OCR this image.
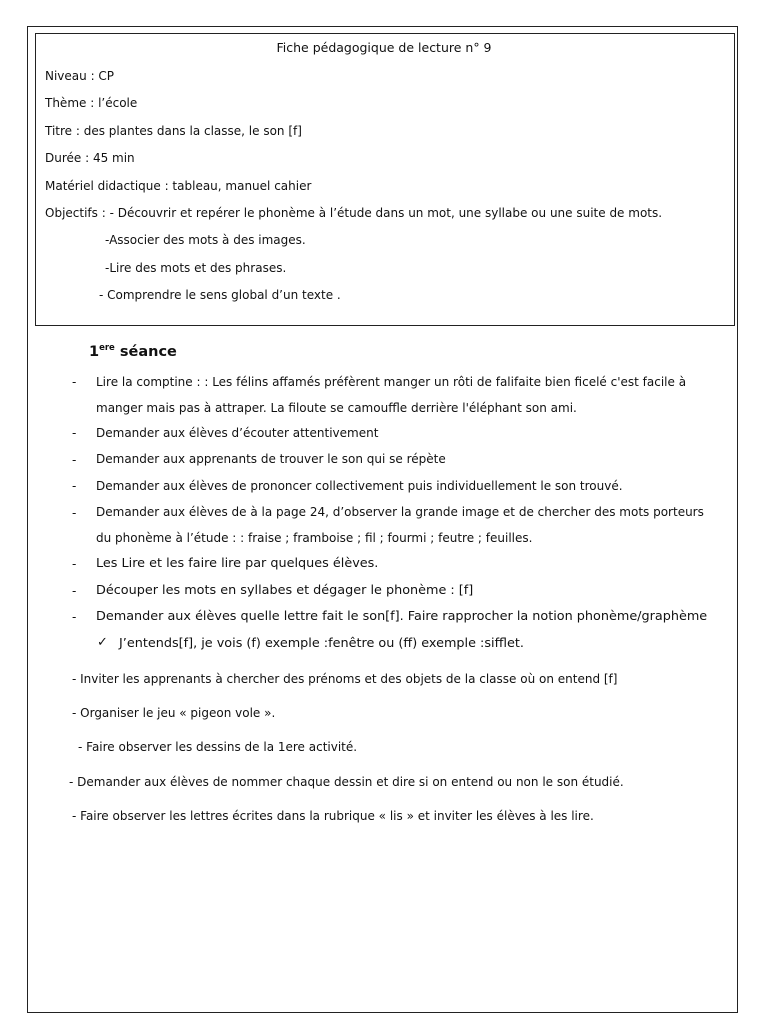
Fiche pédagogique de lecture n° 9
Niveau : CP
Thème : l’école
Titre : des plantes dans la classe, le son [f]
Durée : 45 min
Matériel didactique : tableau, manuel cahier
Objectifs : - Découvrir et repérer le phonème à l’étude dans un mot, une syllabe ou une suite de mots.
-Associer des mots à des images.
-Lire des mots et des phrases.
- Comprendre le sens global d’un texte .
1ere séance
- Lire la comptine : : Les félins affamés préfèrent manger un rôti de falifaite bien ficelé c'est facile à manger mais pas à attraper. La filoute se camouffle derrière l'éléphant son ami.
- Demander aux élèves d’écouter attentivement
- Demander aux apprenants de trouver le son qui se répète
- Demander aux élèves de prononcer collectivement puis individuellement le son trouvé.
- Demander aux élèves de à la page 24, d’observer la grande image et de chercher des mots porteurs du phonème à l’étude : : fraise ; framboise ; fil ; fourmi ; feutre ; feuilles.
- Les Lire et les faire lire par quelques élèves.
- Découper les mots en syllabes et dégager le phonème : [f]
- Demander aux élèves quelle lettre fait le son[f]. Faire rapprocher la notion phonème/graphème
✓ J’entends[f], je vois (f) exemple :fenêtre ou (ff) exemple :sifflet.
- Inviter les apprenants à chercher des prénoms et des objets de la classe où on entend [f]
- Organiser le jeu « pigeon vole ».
- Faire observer les dessins de la 1ere activité.
- Demander aux élèves de nommer chaque dessin et dire si on entend ou non le son étudié.
- Faire observer les lettres écrites dans la rubrique « lis » et inviter les élèves à les lire.
